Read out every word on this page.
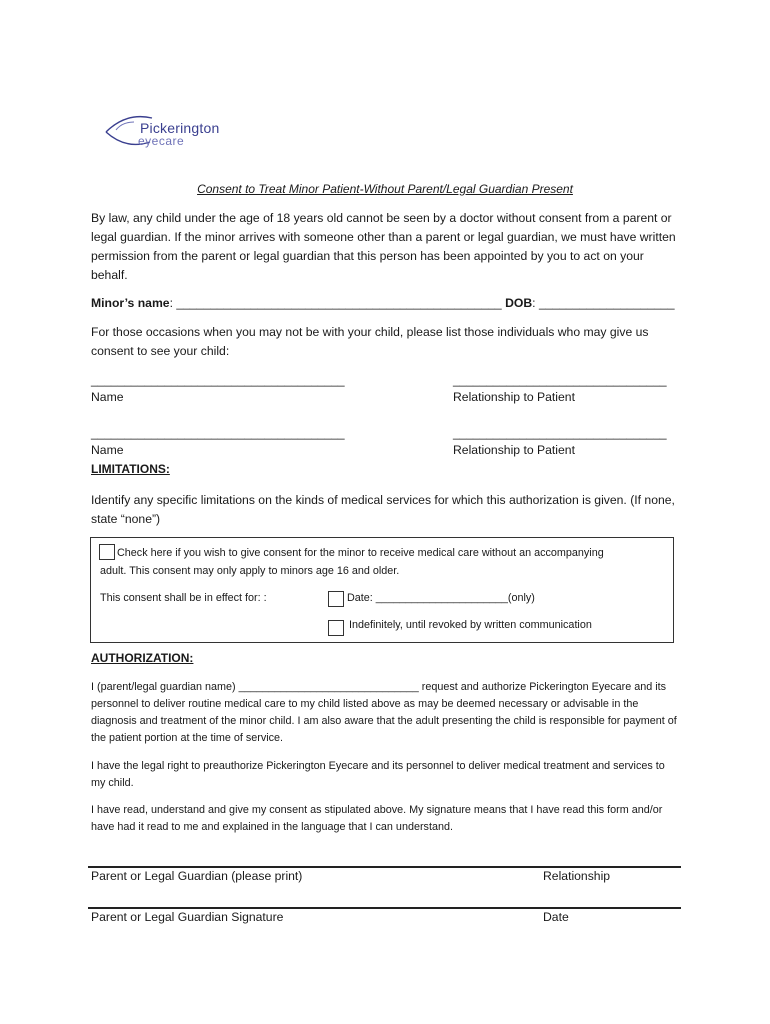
Pickerington
eyecare
Consent to Treat Minor Patient-Without Parent/Legal Guardian Present
By law, any child under the age of 18 years old cannot be seen by a doctor without consent from a parent or legal guardian. If the minor arrives with someone other than a parent or legal guardian, we must have written permission from the parent or legal guardian that this person has been appointed by you to act on your behalf.
Minor’s name: ________________________________________________ DOB: ____________________
For those occasions when you may not be with your child, please list those individuals who may give us consent to see your child:
______________________________________	________________________________
Name	Relationship to Patient
______________________________________	________________________________
Name	Relationship to Patient
LIMITATIONS:
Identify any specific limitations on the kinds of medical services for which this authorization is given. (If none, state “none”)
Check here if you wish to give consent for the minor to receive medical care without an accompanying
adult. This consent may only apply to minors age 16 and older.
This consent shall be in effect for: :	Date: ______________________(only)
Indefinitely, until revoked by written communication
AUTHORIZATION:
I (parent/legal guardian name) ______________________________ request and authorize Pickerington Eyecare and its personnel to deliver routine medical care to my child listed above as may be deemed necessary or advisable in the diagnosis and treatment of the minor child. I am also aware that the adult presenting the child is responsible for payment of the patient portion at the time of service.
I have the legal right to preauthorize Pickerington Eyecare and its personnel to deliver medical treatment and services to my child.
I have read, understand and give my consent as stipulated above. My signature means that I have read this form and/or have had it read to me and explained in the language that I can understand.
Parent or Legal Guardian (please print)	Relationship
Parent or Legal Guardian Signature	Date
